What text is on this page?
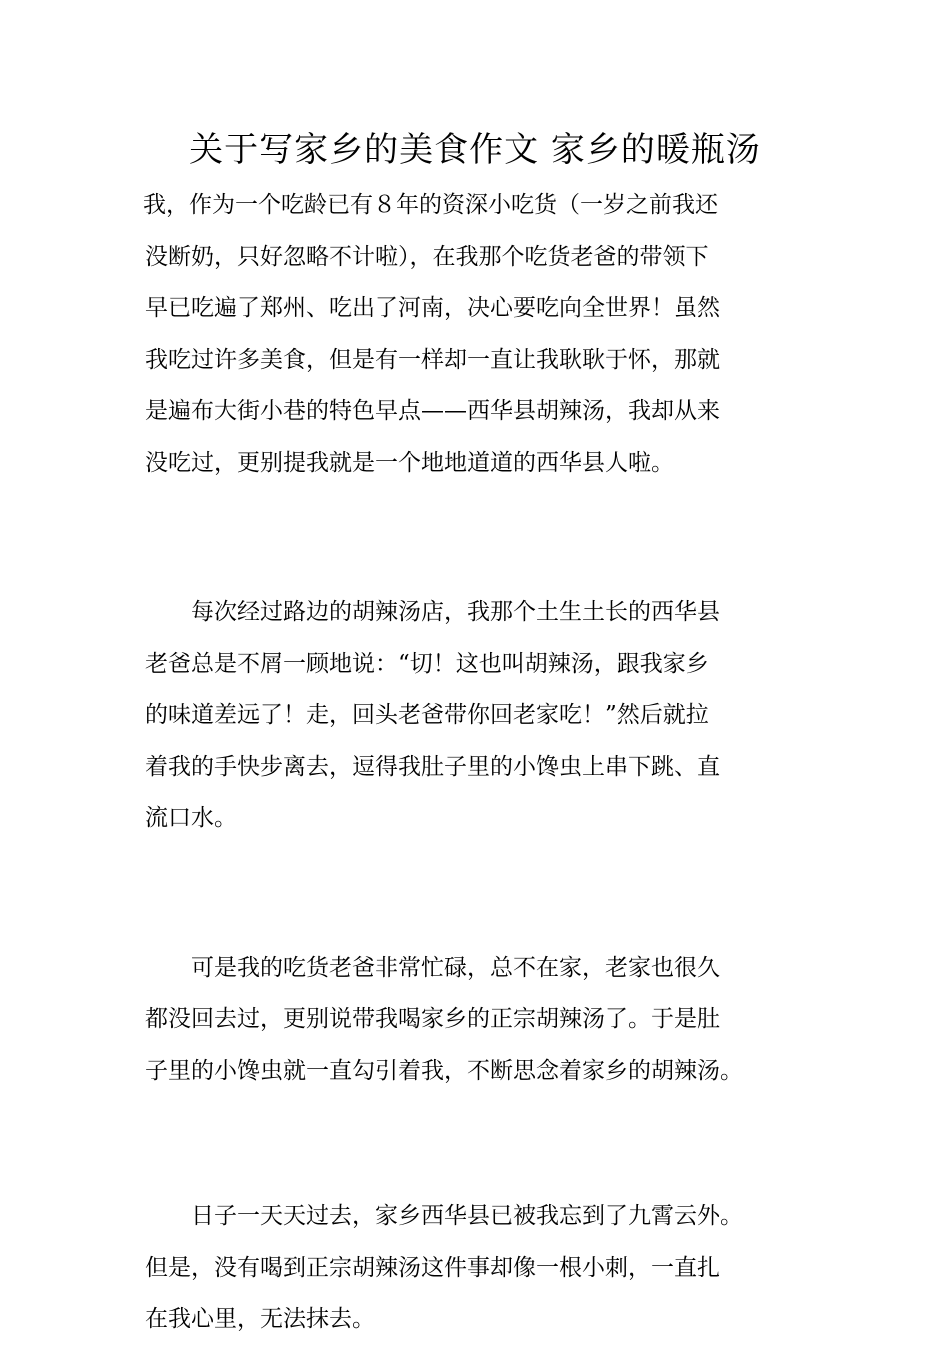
关于写家乡的美食作文 家乡的暖瓶汤
我，作为一个吃龄已有８年的资深小吃货（一岁之前我还
没断奶，只好忽略不计啦），在我那个吃货老爸的带领下
早已吃遍了郑州、吃出了河南，决心要吃向全世界！虽然
我吃过许多美食，但是有一样却一直让我耿耿于怀，那就
是遍布大街小巷的特色早点——西华县胡辣汤，我却从来
没吃过，更别提我就是一个地地道道的西华县人啦。
　　每次经过路边的胡辣汤店，我那个土生土长的西华县
老爸总是不屑一顾地说：“切！这也叫胡辣汤，跟我家乡
的味道差远了！走，回头老爸带你回老家吃！”然后就拉
着我的手快步离去，逗得我肚子里的小馋虫上串下跳、直
流口水。
　　可是我的吃货老爸非常忙碌，总不在家，老家也很久
都没回去过，更别说带我喝家乡的正宗胡辣汤了。于是肚
子里的小馋虫就一直勾引着我，不断思念着家乡的胡辣汤。
　　日子一天天过去，家乡西华县已被我忘到了九霄云外。
但是，没有喝到正宗胡辣汤这件事却像一根小刺，一直扎
在我心里，无法抹去。
